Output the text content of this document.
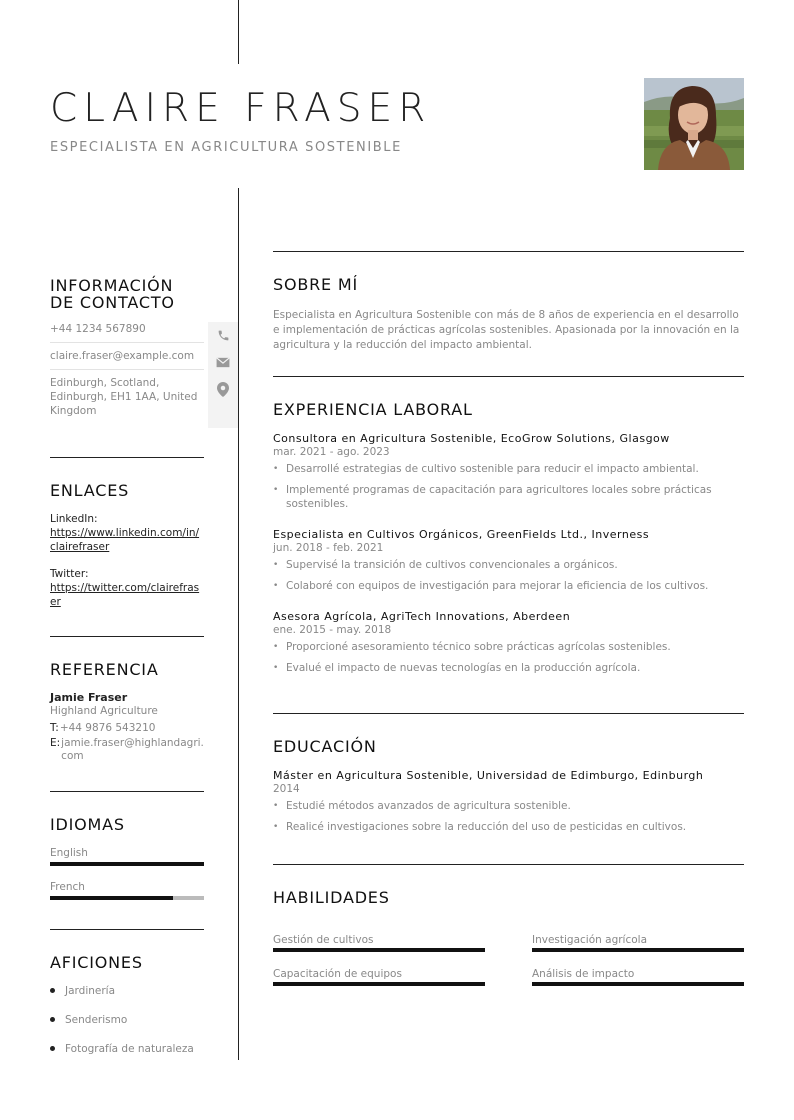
CLAIRE FRASER
ESPECIALISTA EN AGRICULTURA SOSTENIBLE
INFORMACIÓN
DE CONTACTO
+44 1234 567890
claire.fraser@example.com
Edinburgh, Scotland, Edinburgh, EH1 1AA, United Kingdom
ENLACES
LinkedIn:
https://www.linkedin.com/in/clairefraser
Twitter:
https://twitter.com/clairefraser
REFERENCIA
Jamie Fraser
Highland Agriculture
T: +44 9876 543210
E: jamie.fraser@highlandagri.com
IDIOMAS
English
French
AFICIONES
Jardinería
Senderismo
Fotografía de naturaleza
SOBRE MÍ
Especialista en Agricultura Sostenible con más de 8 años de experiencia en el desarrollo e implementación de prácticas agrícolas sostenibles. Apasionada por la innovación en la agricultura y la reducción del impacto ambiental.
EXPERIENCIA LABORAL
Consultora en Agricultura Sostenible, EcoGrow Solutions, Glasgow
mar. 2021 - ago. 2023
• Desarrollé estrategias de cultivo sostenible para reducir el impacto ambiental.
• Implementé programas de capacitación para agricultores locales sobre prácticas sostenibles.
Especialista en Cultivos Orgánicos, GreenFields Ltd., Inverness
jun. 2018 - feb. 2021
• Supervisé la transición de cultivos convencionales a orgánicos.
• Colaboré con equipos de investigación para mejorar la eficiencia de los cultivos.
Asesora Agrícola, AgriTech Innovations, Aberdeen
ene. 2015 - may. 2018
• Proporcioné asesoramiento técnico sobre prácticas agrícolas sostenibles.
• Evalué el impacto de nuevas tecnologías en la producción agrícola.
EDUCACIÓN
Máster en Agricultura Sostenible, Universidad de Edimburgo, Edinburgh
2014
• Estudié métodos avanzados de agricultura sostenible.
• Realicé investigaciones sobre la reducción del uso de pesticidas en cultivos.
HABILIDADES
Gestión de cultivos	Investigación agrícola
Capacitación de equipos	Análisis de impacto
